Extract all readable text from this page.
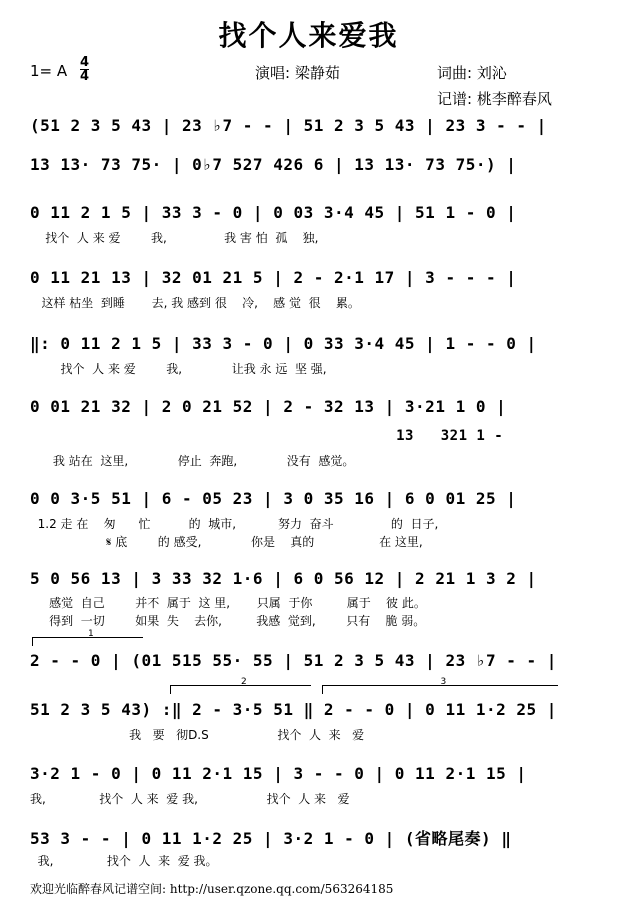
找个人来爱我
1= A 4
4	演唱: 梁静茹	词曲: 刘沁
记谱: 桃李醉春风
(51 2 3 5 43 | 23 ♭7 - - | 51 2 3 5 43 | 23 3 - - |
13 13· 73 75· | 0♭7 527 426 6 | 13 13· 73 75·) |
0 11 2 1 5 | 33 3 - 0 | 0 03 3·4 45 | 51 1 - 0 |
找个  人 来 爱        我,               我 害 怕  孤    独,
0 11 21 13 | 32 01 21 5 | 2 - 2·1 17 | 3 - - - |
这样 枯坐  到睡       去, 我 感到 很    冷,    感 觉  很    累。
‖: 0 11 2 1 5 | 33 3 - 0 | 0 33 3·4 45 | 1 - - 0 |
找个  人 来 爱        我,             让我 永 远  坚 强,
0 01 21 32 | 2 0 21 52 | 2 - 32 13 | 3·21 1 0 |
13   321 1 -
我 站在  这里,             停止  奔跑,             没有  感觉。
0 0 3·5 51 | 6 - 05 23 | 3 0 35 16 | 6 0 01 25 |
1.2 走 在    匆      忙          的  城市,           努力  奋斗               的  日子,
𝄋 底        的 感受,             你是    真的                 在 这里,
5 0 56 13 | 3 33 32 1·6 | 6 0 56 12 | 2 21 1 3 2 |
感觉  自己        并不  属于  这 里,       只属  于你         属于    彼 此。
得到  一切        如果  失    去你,         我感  觉到,        只有    脆 弱。
1
2 - - 0 | (01 515 55· 55 | 51 2 3 5 43 | 23 ♭7 - - |
2	3
51 2 3 5 43) :‖ 2 - 3·5 51 ‖ 2 - - 0 | 0 11 1·2 25 |
我   要   彻D.S                  找个  人  来   爱
3·2 1 - 0 | 0 11 2·1 15 | 3 - - 0 | 0 11 2·1 15 |
我,              找个  人 来  爱 我,                  找个  人 来   爱
53 3 - - | 0 11 1·2 25 | 3·2 1 - 0 | (省略尾奏) ‖
我,              找个  人  来  爱 我。
欢迎光临醉春风记谱空间: http://user.qzone.qq.com/563264185
